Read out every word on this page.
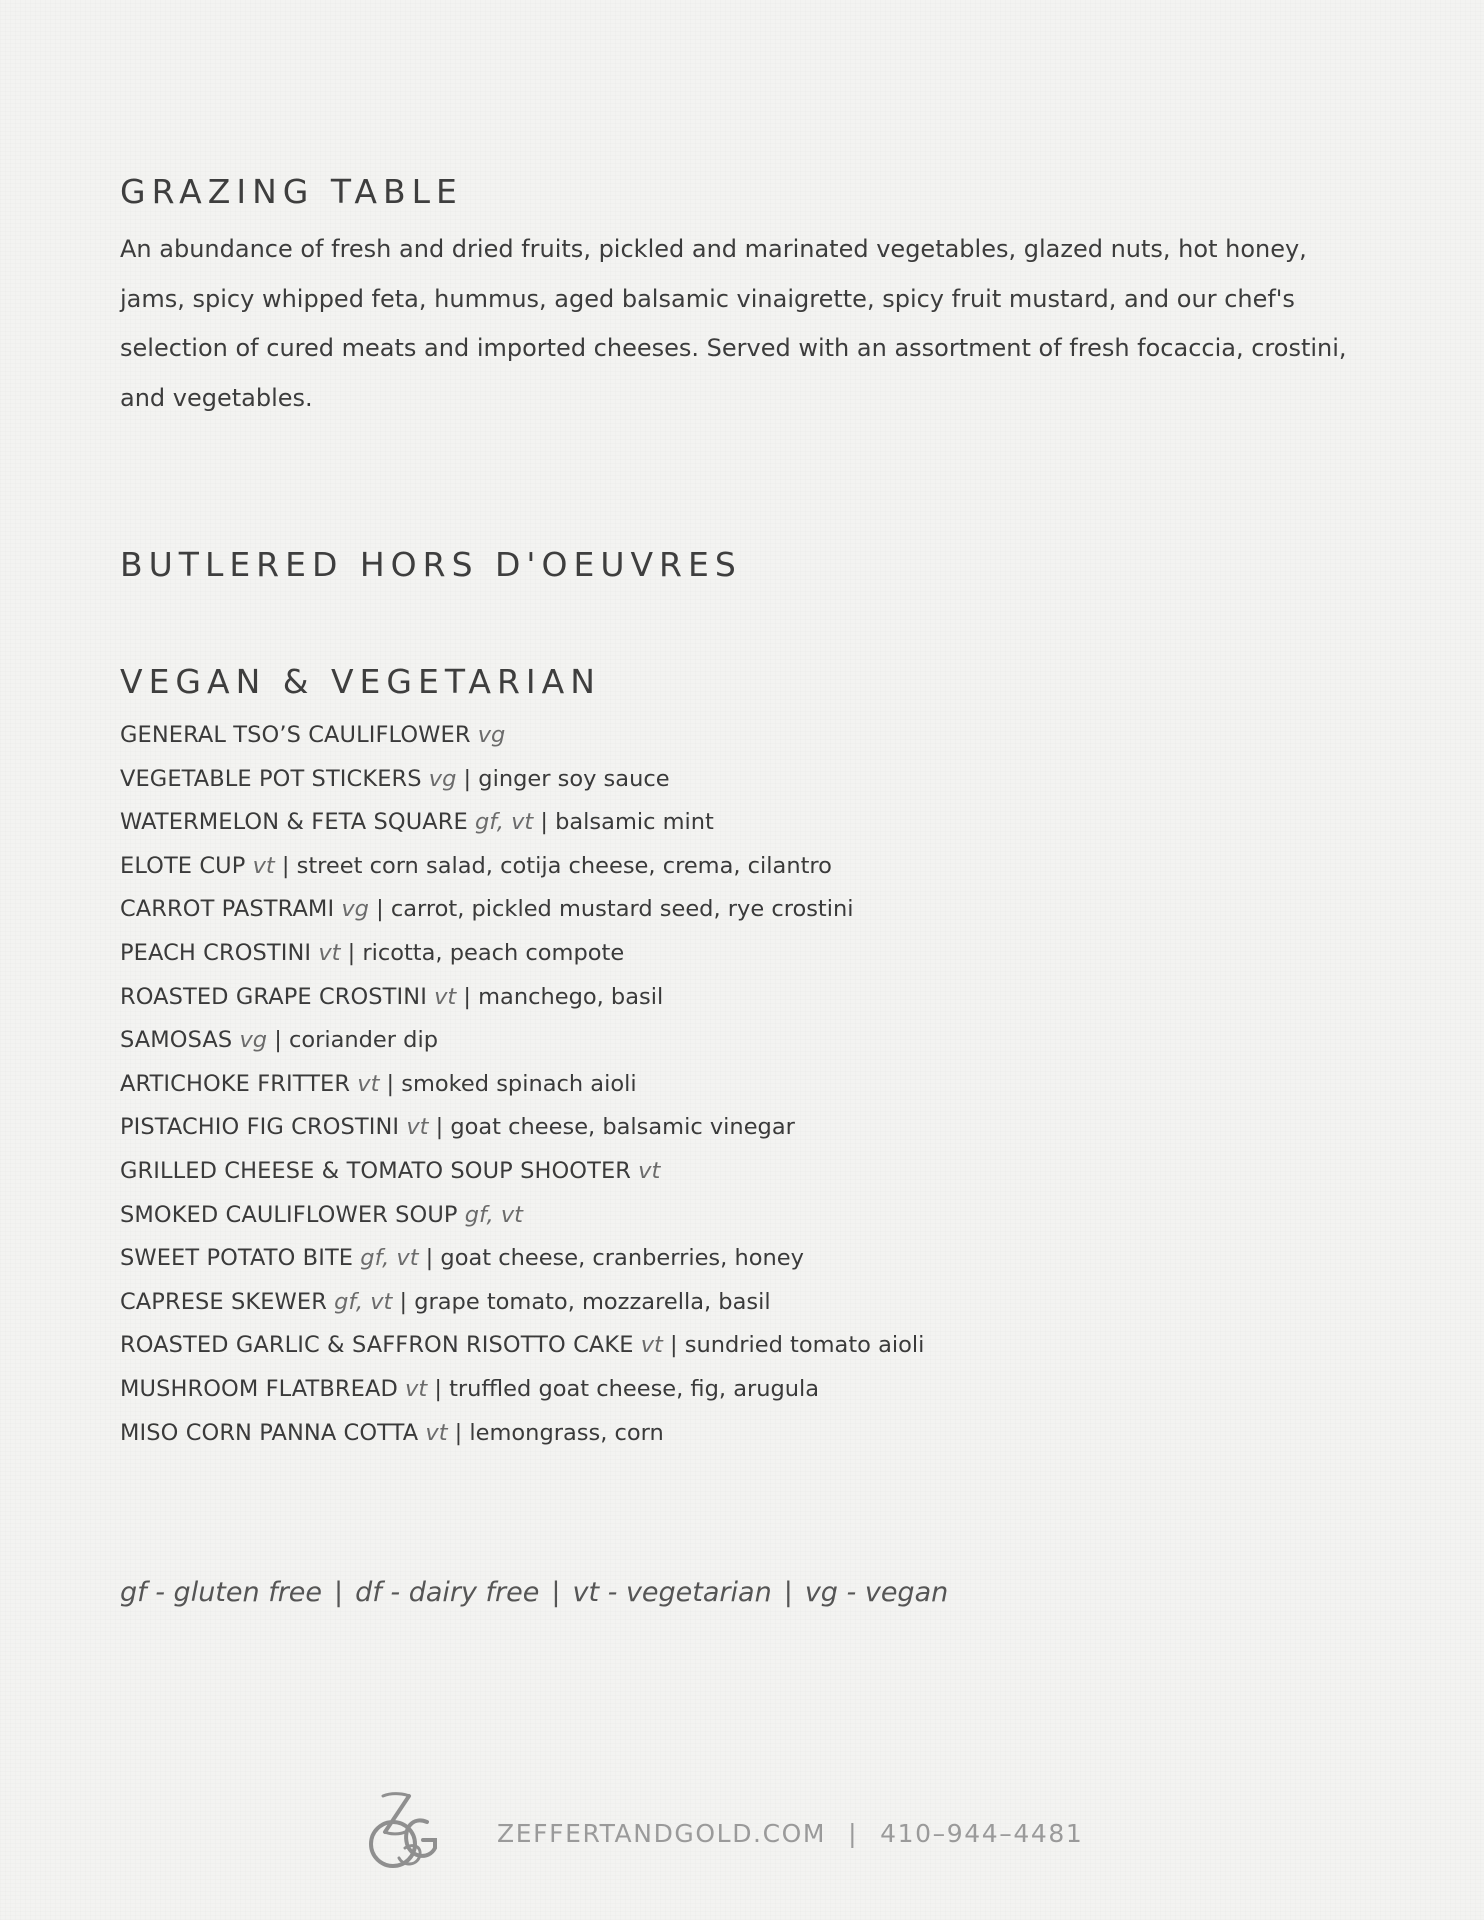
GRAZING TABLE

An abundance of fresh and dried fruits, pickled and marinated vegetables, glazed nuts, hot honey, jams, spicy whipped feta, hummus, aged balsamic vinaigrette, spicy fruit mustard, and our chef's selection of cured meats and imported cheeses. Served with an assortment of fresh focaccia, crostini, and vegetables.

BUTLERED HORS D'OEUVRES
VEGAN & VEGETARIAN
GENERAL TSO’S CAULIFLOWER vg
VEGETABLE POT STICKERS vg | ginger soy sauce
WATERMELON & FETA SQUARE gf, vt | balsamic mint
ELOTE CUP vt | street corn salad, cotija cheese, crema, cilantro
CARROT PASTRAMI vg | carrot, pickled mustard seed, rye crostini
PEACH CROSTINI vt | ricotta, peach compote
ROASTED GRAPE CROSTINI vt | manchego, basil
SAMOSAS vg | coriander dip
ARTICHOKE FRITTER vt | smoked spinach aioli
PISTACHIO FIG CROSTINI vt | goat cheese, balsamic vinegar
GRILLED CHEESE & TOMATO SOUP SHOOTER vt
SMOKED CAULIFLOWER SOUP gf, vt
SWEET POTATO BITE gf, vt | goat cheese, cranberries, honey
CAPRESE SKEWER gf, vt | grape tomato, mozzarella, basil
ROASTED GARLIC & SAFFRON RISOTTO CAKE vt | sundried tomato aioli
MUSHROOM FLATBREAD vt | truffled goat cheese, fig, arugula
MISO CORN PANNA COTTA vt | lemongrass, corn
gf - gluten free | df - dairy free | vt - vegetarian | vg - vegan
ZEFFERTANDGOLD.COM | 410–944–4481
